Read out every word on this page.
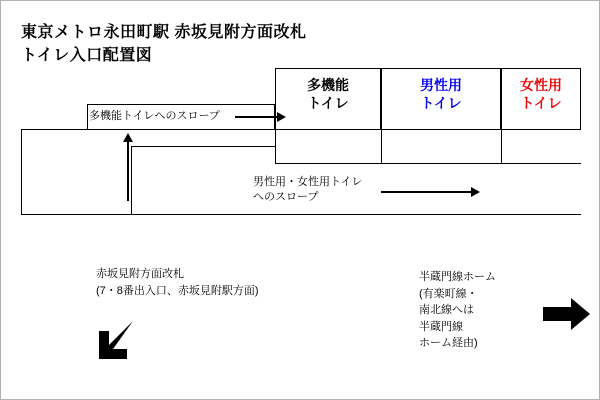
東京メトロ永田町駅 赤坂見附方面改札
トイレ入口配置図
多機能
トイレ
男性用
トイレ
女性用
トイレ
多機能トイレへのスロープ
男性用・女性用トイレ
へのスロープ
赤坂見附方面改札
(7・8番出入口、赤坂見附駅方面)
半蔵門線ホーム
(有楽町線・
南北線へは
半蔵門線
ホーム経由)
